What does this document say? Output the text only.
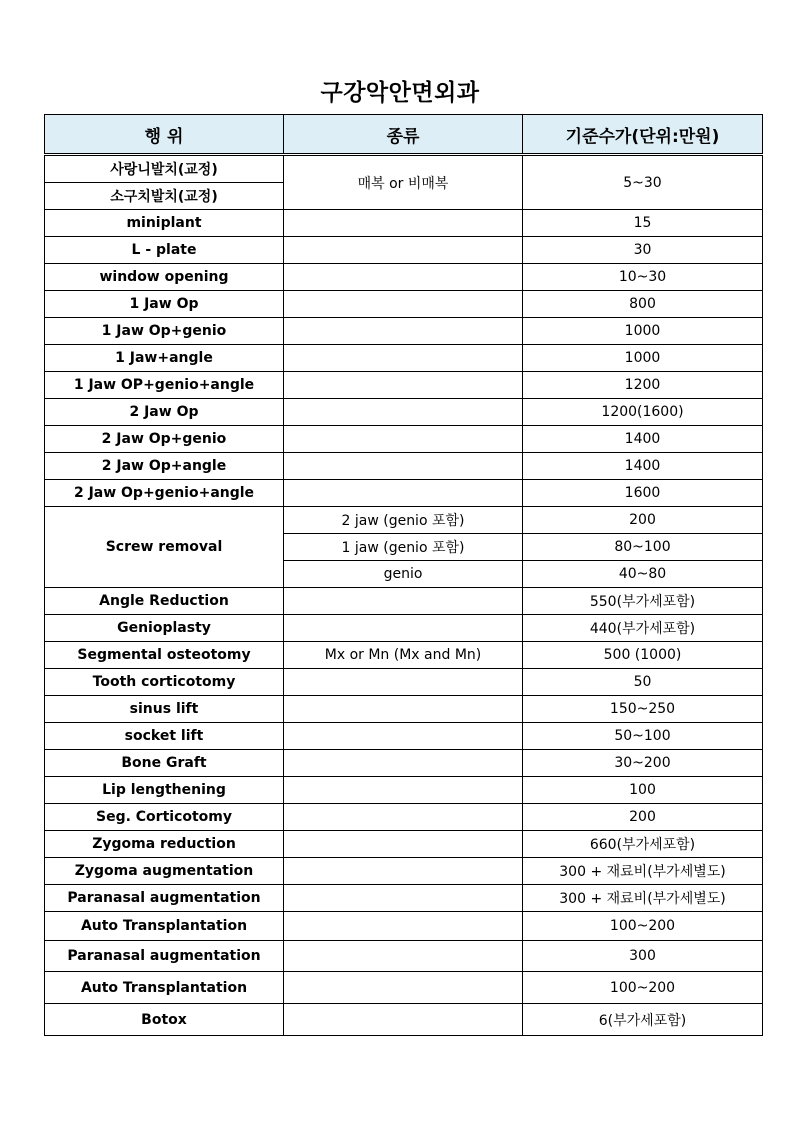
구강악안면외과
행 위	종류	기준수가(단위:만원)
사랑니발치(교정)	매복 or 비매복	5~30
소구치발치(교정)		
miniplant		15
L - plate		30
window opening		10~30
1 Jaw Op		800
1 Jaw Op+genio		1000
1 Jaw+angle		1000
1 Jaw OP+genio+angle		1200
2 Jaw Op		1200(1600)
2 Jaw Op+genio		1400
2 Jaw Op+angle		1400
2 Jaw Op+genio+angle		1600
Screw removal	2 jaw (genio 포함)	200
	1 jaw (genio 포함)	80~100
	genio	40~80
Angle Reduction		550(부가세포함)
Genioplasty		440(부가세포함)
Segmental osteotomy	Mx or Mn (Mx and Mn)	500 (1000)
Tooth corticotomy		50
sinus lift		150~250
socket lift		50~100
Bone Graft		30~200
Lip lengthening		100
Seg. Corticotomy		200
Zygoma reduction		660(부가세포함)
Zygoma augmentation		300 + 재료비(부가세별도)
Paranasal augmentation		300 + 재료비(부가세별도)
Auto Transplantation		100~200
Paranasal augmentation		300
Auto Transplantation		100~200
Botox		6(부가세포함)
